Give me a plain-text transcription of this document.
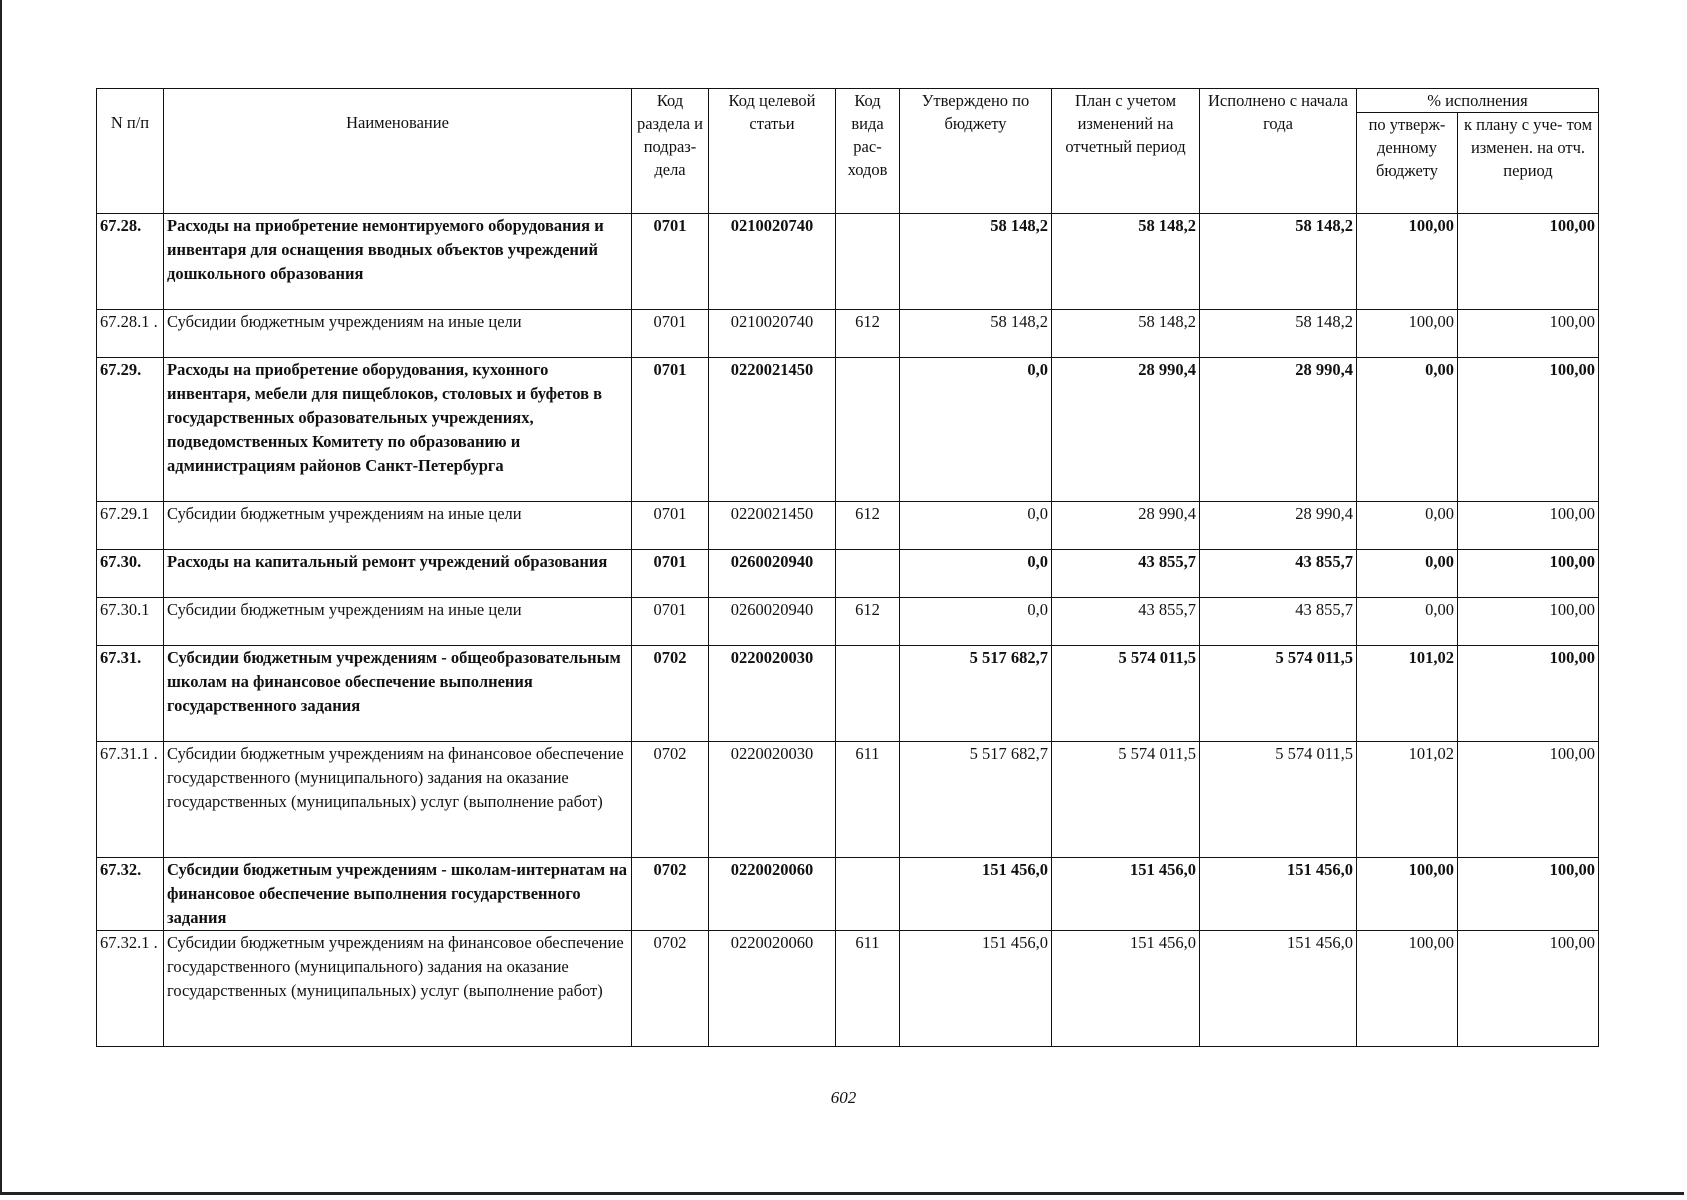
N п/п	Наименование	Код раздела и подраз- дела	Код целевой статьи	Код вида рас- ходов	Утверждено по бюджету	План с учетом изменений на отчетный период	Исполнено с начала года	% исполнения	
								по утверж- денному бюджету	к плану с уче- том изменен. на отч. период
67.28.	Расходы на приобретение немонтируемого оборудования и инвентаря для оснащения вводных объектов учреждений дошкольного образования	0701	0210020740		58 148,2	58 148,2	58 148,2	100,00	100,00
67.28.1 .	Субсидии бюджетным учреждениям на иные цели	0701	0210020740	612	58 148,2	58 148,2	58 148,2	100,00	100,00
67.29.	Расходы на приобретение оборудования, кухонного инвентаря, мебели для пищеблоков, столовых и буфетов в государственных образовательных учреждениях, подведомственных Комитету по образованию и администрациям районов Санкт-Петербурга	0701	0220021450		0,0	28 990,4	28 990,4	0,00	100,00
67.29.1	Субсидии бюджетным учреждениям на иные цели	0701	0220021450	612	0,0	28 990,4	28 990,4	0,00	100,00
67.30.	Расходы на капитальный ремонт учреждений образования	0701	0260020940		0,0	43 855,7	43 855,7	0,00	100,00
67.30.1	Субсидии бюджетным учреждениям на иные цели	0701	0260020940	612	0,0	43 855,7	43 855,7	0,00	100,00
67.31.	Субсидии бюджетным учреждениям - общеобразовательным школам на финансовое обеспечение выполнения государственного задания	0702	0220020030		5 517 682,7	5 574 011,5	5 574 011,5	101,02	100,00
67.31.1 .	Субсидии бюджетным учреждениям на финансовое обеспечение государственного (муниципального) задания на оказание государственных (муниципальных) услуг (выполнение работ)	0702	0220020030	611	5 517 682,7	5 574 011,5	5 574 011,5	101,02	100,00
67.32.	Субсидии бюджетным учреждениям - школам-интернатам на финансовое обеспечение выполнения государственного задания	0702	0220020060		151 456,0	151 456,0	151 456,0	100,00	100,00
67.32.1 .	Субсидии бюджетным учреждениям на финансовое обеспечение государственного (муниципального) задания на оказание государственных (муниципальных) услуг (выполнение работ)	0702	0220020060	611	151 456,0	151 456,0	151 456,0	100,00	100,00
602
